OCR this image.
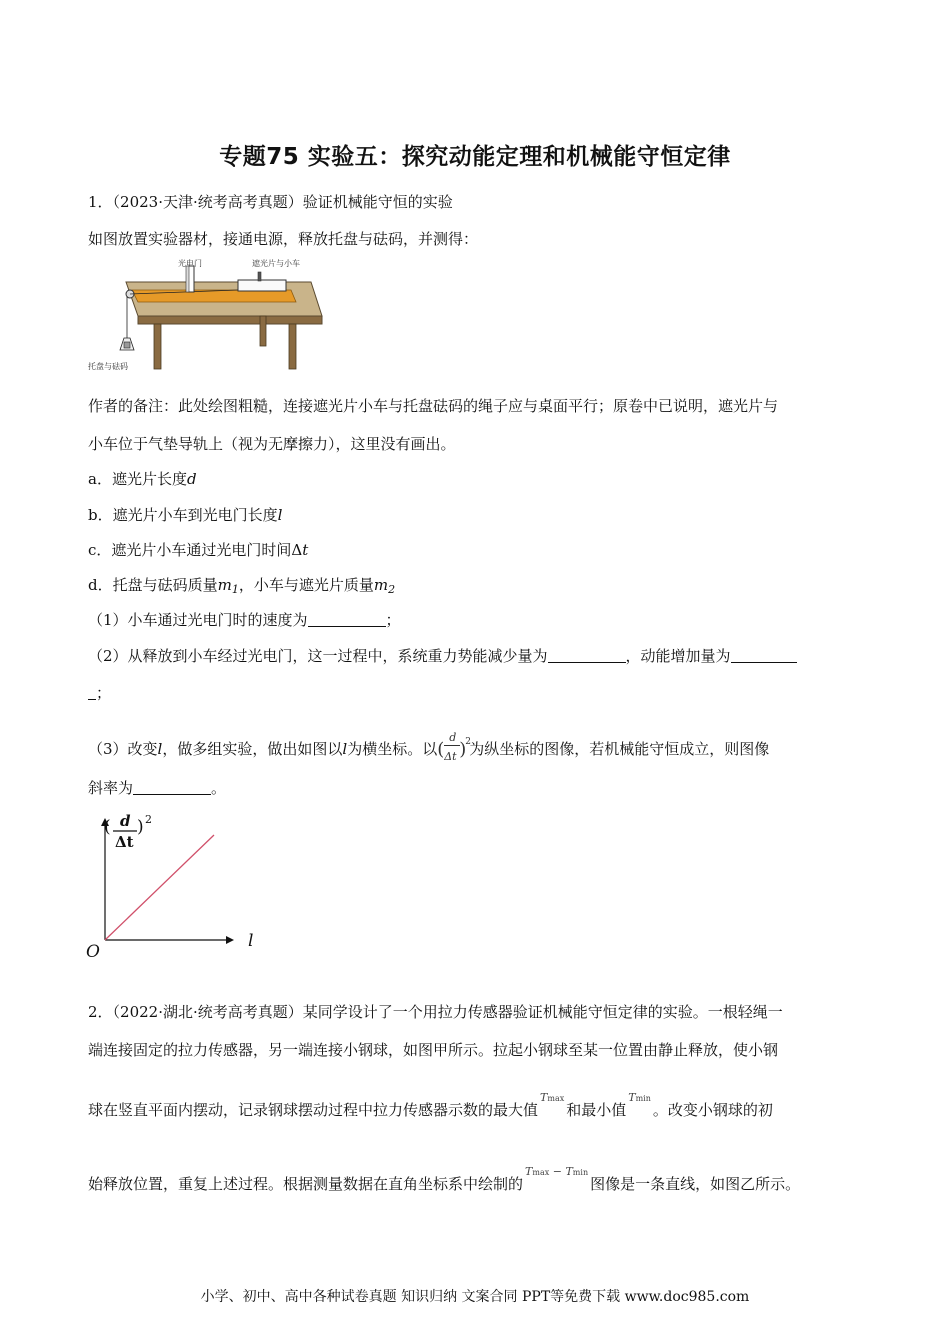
专题75 实验五：探究动能定理和机械能守恒定律
1．（2023·天津·统考高考真题）验证机械能守恒的实验
如图放置实验器材，接通电源，释放托盘与砝码，并测得：
光电门	遮光片与小车
托盘与砝码
作者的备注：此处绘图粗糙，连接遮光片小车与托盘砝码的绳子应与桌面平行；原卷中已说明，遮光片与
小车位于气垫导轨上（视为无摩擦力），这里没有画出。
a．遮光片长度d
b．遮光片小车到光电门长度l
c．遮光片小车通过光电门时间Δt
d．托盘与砝码质量$m_1$，小车与遮光片质量$m_2$
（1）小车通过光电门时的速度为	；
（2）从释放到小车经过光电门，这一过程中，系统重力势能减少量为	，动能增加量为
；
（3）改变l，做多组实验，做出如图以l为横坐标。以 (
d
Δt )
2
为纵坐标的图像，若机械能守恒成立，则图像
斜率为	。
( d
Δt
) 2
l
O
2．（2022·湖北·统考高考真题）某同学设计了一个用拉力传感器验证机械能守恒定律的实验。一根轻绳一
端连接固定的拉力传感器，另一端连接小钢球，如图甲所示。拉起小钢球至某一位置由静止释放，使小钢
球在竖直平面内摆动，记录钢球摆动过程中拉力传感器示数的最大值Tmax和最小值Tmin。改变小钢球的初
始释放位置，重复上述过程。根据测量数据在直角坐标系中绘制的Tmax − Tmin图像是一条直线，如图乙所示。
小学、初中、高中各种试卷真题 知识归纳 文案合同 PPT等免费下载 www.doc985.com
